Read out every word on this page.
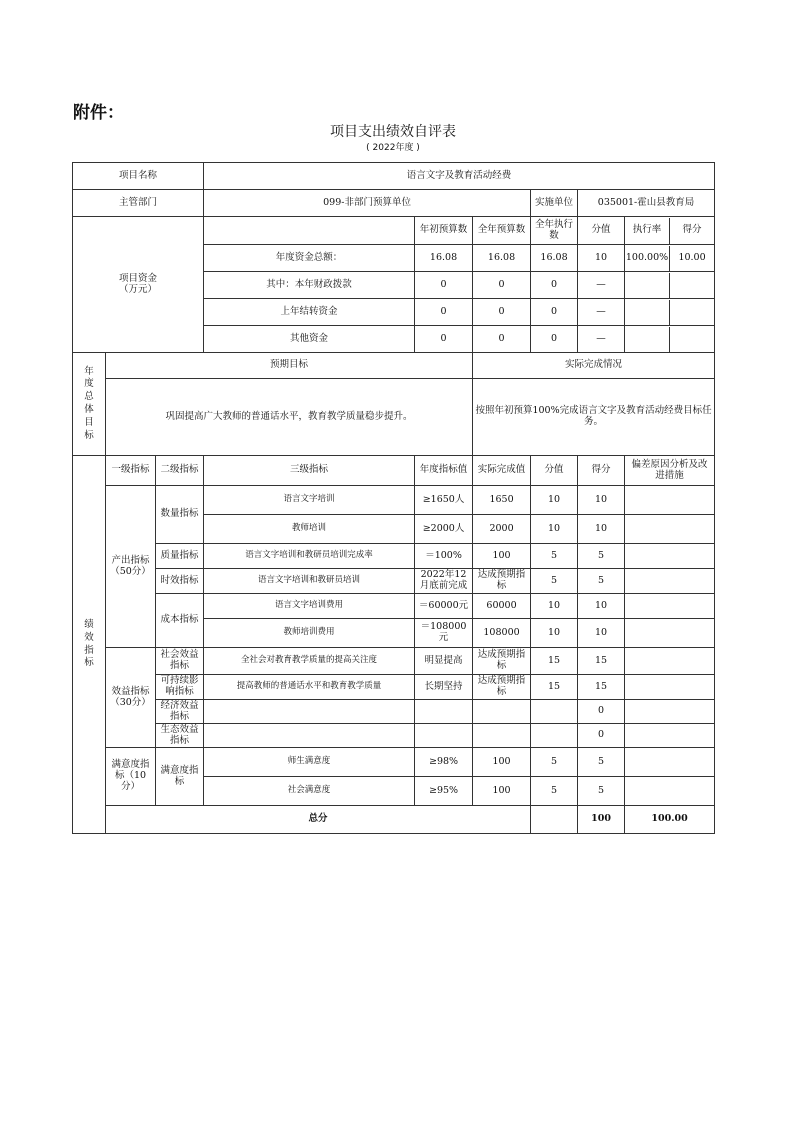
附件：
项目支出绩效自评表
( 2022年度 )
项目名称			语言文字及教育活动经费						
主管部门			099-非部门预算单位			实施单位	035001-霍山县教育局		
项目资金
（万元）				年初预算数	全年预算数	全年执行数	分值	执行率 得分	

			年度资金总额：	16.08	16.08	16.08	10	100.00% 10.00	

			其中：本年财政拨款	0	0	0	—		

			上年结转资金	0	0	0	—		

			其他资金	0	0	0	—		

年度总体目标	预期目标				实际完成情况				
	巩固提高广大教师的普通话水平，教育教学质量稳步提升。				按照年初预算100%完成语言文字及教育活动经费目标任务。				

绩效指标	一级指标	二级指标	三级指标	年度指标值	实际完成值	分值	得分	偏差原因分析及改进措施	
	产出指标（50分）	数量指标	语言文字培训	≥1650人	1650	10	10		
			教师培训	≥2000人	2000	10	10		
		质量指标	语言文字培训和教研员培训完成率	＝100%	100	5	5		
		时效指标	语言文字培训和教研员培训	2022年12月底前完成	达成预期指标	5	5		
		成本指标	语言文字培训费用	＝60000元	60000	10	10		
			教师培训费用	＝108000元	108000	10	10		
	效益指标（30分）	社会效益指标	全社会对教育教学质量的提高关注度	明显提高	达成预期指标	15	15		
		可持续影响指标	提高教师的普通话水平和教育教学质量	长期坚持	达成预期指标	15	15		
		经济效益指标					0		
		生态效益指标					0		
	满意度指标（10分）	满意度指标	师生满意度	≥98%	100	5	5		
			社会满意度	≥95%	100	5	5		
	总分						100	100.00	
